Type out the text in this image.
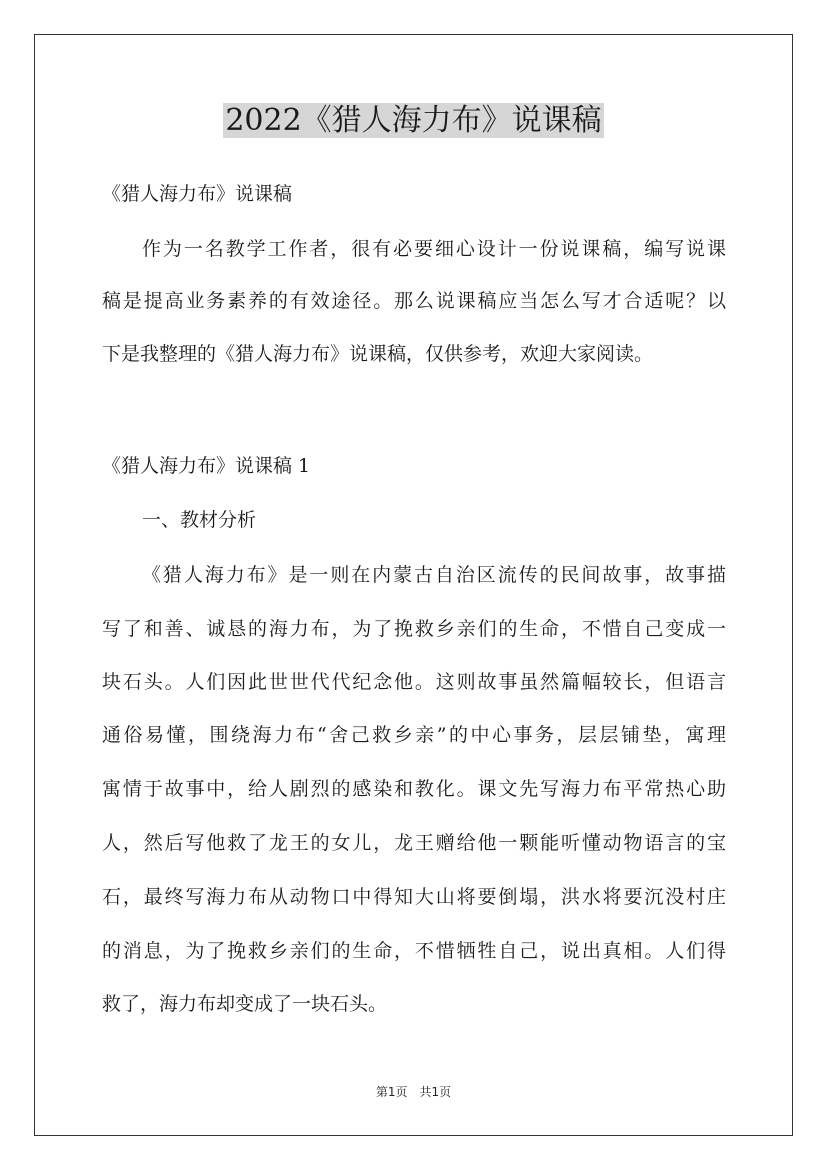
2022《猎人海力布》说课稿
《猎人海力布》说课稿
作为一名教学工作者，很有必要细心设计一份说课稿，编写说课
稿是提高业务素养的有效途径。那么说课稿应当怎么写才合适呢？以
下是我整理的《猎人海力布》说课稿，仅供参考，欢迎大家阅读。
《猎人海力布》说课稿 1
一、教材分析
《猎人海力布》是一则在内蒙古自治区流传的民间故事，故事描
写了和善、诚恳的海力布，为了挽救乡亲们的生命，不惜自己变成一
块石头。人们因此世世代代纪念他。这则故事虽然篇幅较长，但语言
通俗易懂，围绕海力布“舍己救乡亲”的中心事务，层层铺垫，寓理
寓情于故事中，给人剧烈的感染和教化。课文先写海力布平常热心助
人，然后写他救了龙王的女儿，龙王赠给他一颗能听懂动物语言的宝
石，最终写海力布从动物口中得知大山将要倒塌，洪水将要沉没村庄
的消息，为了挽救乡亲们的生命，不惜牺牲自己，说出真相。人们得
救了，海力布却变成了一块石头。
第1页 共1页
